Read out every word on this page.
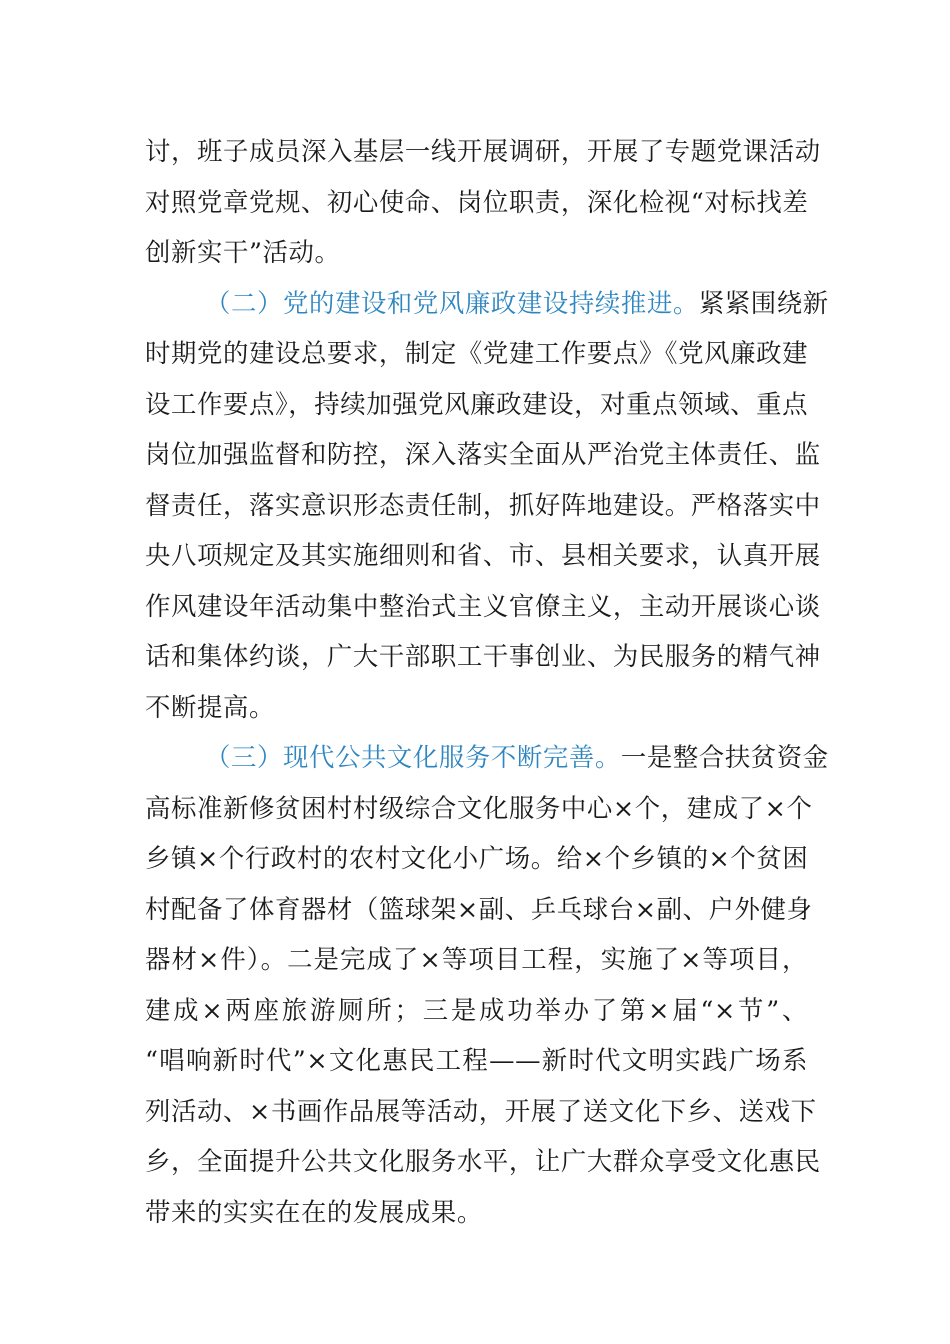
讨，班子成员深入基层一线开展调研，开展了专题党课活动
对照党章党规、初心使命、岗位职责，深化检视“对标找差
创新实干”活动。
（二）党的建设和党风廉政建设持续推进。紧紧围绕新
时期党的建设总要求，制定《党建工作要点》《党风廉政建
设工作要点》，持续加强党风廉政建设，对重点领域、重点
岗位加强监督和防控，深入落实全面从严治党主体责任、监
督责任，落实意识形态责任制，抓好阵地建设。严格落实中
央八项规定及其实施细则和省、市、县相关要求，认真开展
作风建设年活动集中整治式主义官僚主义，主动开展谈心谈
话和集体约谈，广大干部职工干事创业、为民服务的精气神
不断提高。
（三）现代公共文化服务不断完善。一是整合扶贫资金
高标准新修贫困村村级综合文化服务中心×个，建成了×个
乡镇×个行政村的农村文化小广场。给×个乡镇的×个贫困
村配备了体育器材（篮球架×副、乒乓球台×副、户外健身
器材×件）。二是完成了×等项目工程，实施了×等项目，
建成×两座旅游厕所；三是成功举办了第×届“×节”、
“唱响新时代”×文化惠民工程——新时代文明实践广场系
列活动、×书画作品展等活动，开展了送文化下乡、送戏下
乡，全面提升公共文化服务水平，让广大群众享受文化惠民
带来的实实在在的发展成果。
